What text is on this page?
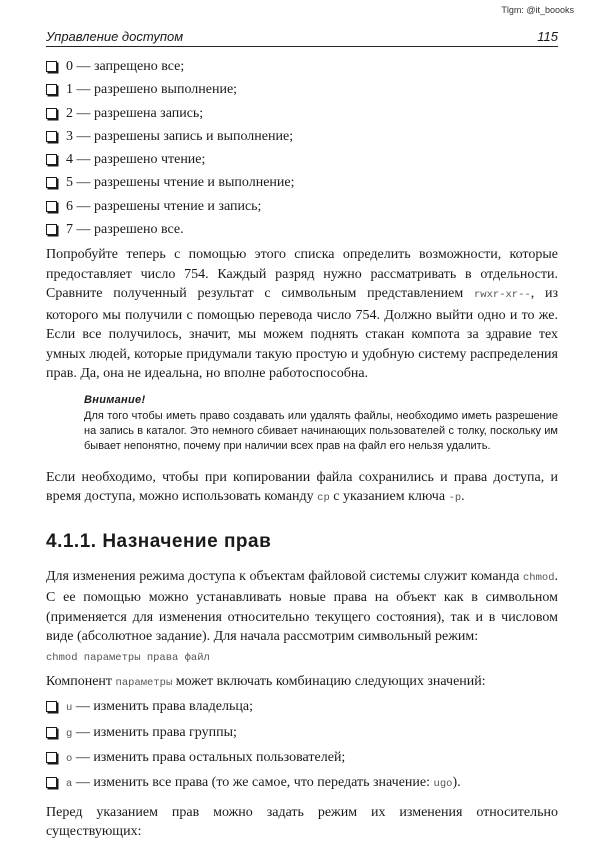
Tlgm: @it_boooks
Управление доступом	115
0 — запрещено все;
1 — разрешено выполнение;
2 — разрешена запись;
3 — разрешены запись и выполнение;
4 — разрешено чтение;
5 — разрешены чтение и выполнение;
6 — разрешены чтение и запись;
7 — разрешено все.

Попробуйте теперь с помощью этого списка определить возможности, которые предоставляет число 754. Каждый разряд нужно рассматривать в отдельности. Сравните полученный результат с символьным представлением rwxr-xr--, из которого мы получили с помощью перевода число 754. Должно выйти одно и то же. Если все получилось, значит, мы можем поднять стакан компота за здравие тех умных людей, которые придумали такую простую и удобную систему распределения прав. Да, она не идеальна, но вполне работоспособна.

Внимание!
Для того чтобы иметь право создавать или удалять файлы, необходимо иметь разрешение на запись в каталог. Это немного сбивает начинающих пользователей с толку, поскольку им бывает непонятно, почему при наличии всех прав на файл его нельзя удалить.

Если необходимо, чтобы при копировании файла сохранились и права доступа, и время доступа, можно использовать команду cp с указанием ключа -p.

4.1.1. Назначение прав

Для изменения режима доступа к объектам файловой системы служит команда chmod. С ее помощью можно устанавливать новые права на объект как в символьном (применяется для изменения относительно текущего состояния), так и в числовом виде (абсолютное задание). Для начала рассмотрим символьный режим:

chmod параметры права файл

Компонент параметры может включать комбинацию следующих значений:

u — изменить права владельца;
g — изменить права группы;
o — изменить права остальных пользователей;
a — изменить все права (то же самое, что передать значение: ugo).

Перед указанием прав можно задать режим их изменения относительно существующих:
